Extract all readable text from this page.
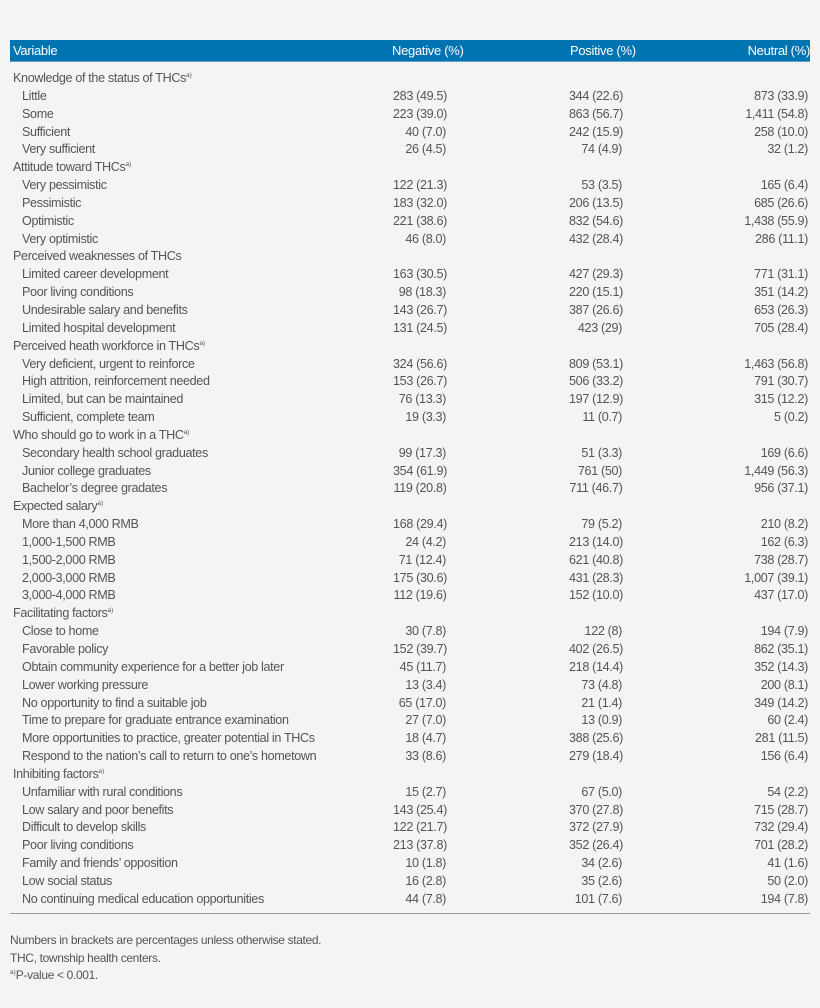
Variable	Negative (%)	Positive (%)	Neutral (%)
Knowledge of the status of THCs$^{a)}$
Little	283 (49.5)	344 (22.6)	873 (33.9)
Some	223 (39.0)	863 (56.7)	1,411 (54.8)
Sufficient	40 (7.0)	242 (15.9)	258 (10.0)
Very sufficient	26 (4.5)	74 (4.9)	32 (1.2)
Attitude toward THCs$^{a)}$
Very pessimistic	122 (21.3)	53 (3.5)	165 (6.4)
Pessimistic	183 (32.0)	206 (13.5)	685 (26.6)
Optimistic	221 (38.6)	832 (54.6)	1,438 (55.9)
Very optimistic	46 (8.0)	432 (28.4)	286 (11.1)
Perceived weaknesses of THCs
Limited career development	163 (30.5)	427 (29.3)	771 (31.1)
Poor living conditions	98 (18.3)	220 (15.1)	351 (14.2)
Undesirable salary and benefits	143 (26.7)	387 (26.6)	653 (26.3)
Limited hospital development	131 (24.5)	423 (29)	705 (28.4)
Perceived heath workforce in THCs$^{a)}$
Very deficient, urgent to reinforce	324 (56.6)	809 (53.1)	1,463 (56.8)
High attrition, reinforcement needed	153 (26.7)	506 (33.2)	791 (30.7)
Limited, but can be maintained	76 (13.3)	197 (12.9)	315 (12.2)
Sufficient, complete team	19 (3.3)	11 (0.7)	5 (0.2)
Who should go to work in a THC$^{a)}$
Secondary health school graduates	99 (17.3)	51 (3.3)	169 (6.6)
Junior college graduates	354 (61.9)	761 (50)	1,449 (56.3)
Bachelor’s degree gradates	119 (20.8)	711 (46.7)	956 (37.1)
Expected salary$^{a)}$
More than 4,000 RMB	168 (29.4)	79 (5.2)	210 (8.2)
1,000-1,500 RMB	24 (4.2)	213 (14.0)	162 (6.3)
1,500-2,000 RMB	71 (12.4)	621 (40.8)	738 (28.7)
2,000-3,000 RMB	175 (30.6)	431 (28.3)	1,007 (39.1)
3,000-4,000 RMB	112 (19.6)	152 (10.0)	437 (17.0)
Facilitating factors$^{a)}$
Close to home	30 (7.8)	122 (8)	194 (7.9)
Favorable policy	152 (39.7)	402 (26.5)	862 (35.1)
Obtain community experience for a better job later	45 (11.7)	218 (14.4)	352 (14.3)
Lower working pressure	13 (3.4)	73 (4.8)	200 (8.1)
No opportunity to find a suitable job	65 (17.0)	21 (1.4)	349 (14.2)
Time to prepare for graduate entrance examination	27 (7.0)	13 (0.9)	60 (2.4)
More opportunities to practice, greater potential in THCs	18 (4.7)	388 (25.6)	281 (11.5)
Respond to the nation’s call to return to one’s hometown	33 (8.6)	279 (18.4)	156 (6.4)
Inhibiting factors$^{a)}$
Unfamiliar with rural conditions	15 (2.7)	67 (5.0)	54 (2.2)
Low salary and poor benefits	143 (25.4)	370 (27.8)	715 (28.7)
Difficult to develop skills	122 (21.7)	372 (27.9)	732 (29.4)
Poor living conditions	213 (37.8)	352 (26.4)	701 (28.2)
Family and friends’ opposition	10 (1.8)	34 (2.6)	41 (1.6)
Low social status	16 (2.8)	35 (2.6)	50 (2.0)
No continuing medical education opportunities	44 (7.8)	101 (7.6)	194 (7.8)
Numbers in brackets are percentages unless otherwise stated.
THC, township health centers.
$^{a)}$P-value < 0.001.
